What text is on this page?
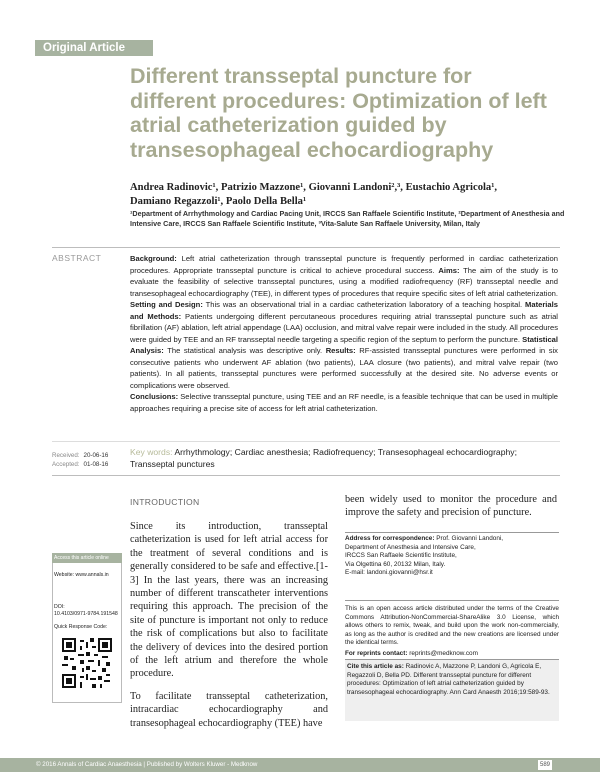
Original Article
Different transseptal puncture for different procedures: Optimization of left atrial catheterization guided by transesophageal echocardiography
Andrea Radinovic¹, Patrizio Mazzone¹, Giovanni Landoni²,³, Eustachio Agricola¹,
Damiano Regazzoli¹, Paolo Della Bella¹
¹Department of Arrhythmology and Cardiac Pacing Unit, IRCCS San Raffaele Scientific Institute, ²Department of Anesthesia and Intensive Care, IRCCS San Raffaele Scientific Institute, ³Vita-Salute San Raffaele University, Milan, Italy
ABSTRACT	Background: Left atrial catheterization through transseptal puncture is frequently performed in cardiac catheterization procedures. Appropriate transseptal puncture is critical to achieve procedural success. Aims: The aim of the study is to evaluate the feasibility of selective transseptal punctures, using a modified radiofrequency (RF) transseptal needle and transesophageal echocardiography (TEE), in different types of procedures that require specific sites of left atrial catheterization. Setting and Design: This was an observational trial in a cardiac catheterization laboratory of a teaching hospital. Materials and Methods: Patients undergoing different percutaneous procedures requiring atrial transseptal puncture such as atrial fibrillation (AF) ablation, left atrial appendage (LAA) occlusion, and mitral valve repair were included in the study. All procedures were guided by TEE and an RF transseptal needle targeting a specific region of the septum to perform the puncture. Statistical Analysis: The statistical analysis was descriptive only. Results: RF-assisted transseptal punctures were performed in six consecutive patients who underwent AF ablation (two patients), LAA closure (two patients), and mitral valve repair (two patients). In all patients, transseptal punctures were performed successfully at the desired site. No adverse events or complications were observed.
Conclusions: Selective transseptal puncture, using TEE and an RF needle, is a feasible technique that can be used in multiple approaches requiring a precise site of access for left atrial catheterization.
Received: 20-06-16
Accepted: 01-08-16
Key words: Arrhythmology; Cardiac anesthesia; Radiofrequency; Transesophageal echocardiography; Transseptal punctures
INTRODUCTION

Since its introduction, transseptal catheterization is used for left atrial access for the treatment of several conditions and is generally considered to be safe and effective.[1-3] In the last years, there was an increasing number of different transcatheter interventions requiring this approach. The precision of the site of puncture is important not only to reduce the risk of complications but also to facilitate the delivery of devices into the desired portion of the left atrium and therefore the whole procedure.

To facilitate transseptal catheterization, intracardiac echocardiography and transesophageal echocardiography (TEE) have

been widely used to monitor the procedure and improve the safety and precision of puncture.
Address for correspondence: Prof. Giovanni Landoni,
Department of Anesthesia and Intensive Care,
IRCCS San Raffaele Scientific Institute,
Via Olgettina 60, 20132 Milan, Italy.
E-mail: landoni.giovanni@hsr.it
This is an open access article distributed under the terms of the Creative Commons Attribution-NonCommercial-ShareAlike 3.0 License, which allows others to remix, tweak, and build upon the work non-commercially, as long as the author is credited and the new creations are licensed under the identical terms.
For reprints contact: reprints@medknow.com
Cite this article as: Radinovic A, Mazzone P, Landoni G, Agricola E, Regazzoli D, Bella PD. Different transseptal puncture for different procedures: Optimization of left atrial catheterization guided by transesophageal echocardiography. Ann Card Anaesth 2016;19:589-93.
Access this article online
Website: www.annals.in
DOI:
10.4103/0971-9784.191548
Quick Response Code:
© 2016 Annals of Cardiac Anaesthesia | Published by Wolters Kluwer - Medknow	589
